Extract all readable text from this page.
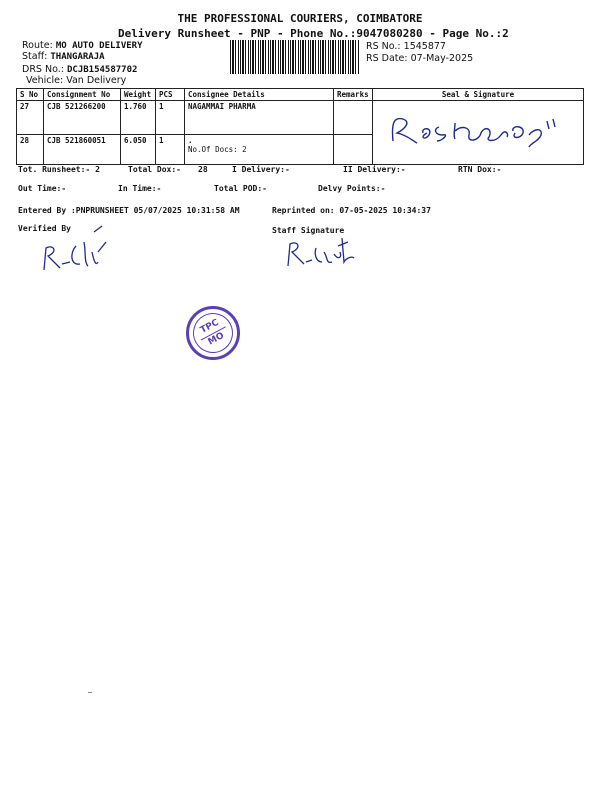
THE PROFESSIONAL COURIERS, COIMBATORE
Delivery Runsheet - PNP - Phone No.:9047080280 - Page No.:2
Route: MO AUTO DELIVERY
Staff: THANGARAJA
DRS No.: DCJB154587702
Vehicle: Van Delivery
RS No.: 1545877
RS Date: 07-May-2025
S No	Consignment No	Weight	PCS	Consignee Details	Remarks	Seal & Signature
27	CJB 521266200	1.760	1	NAGAMMAI PHARMA		

28	CJB 521860051	6.050	1	.
No.Of Docs: 2		

Tot. Runsheet:- 2	Total Dox:- 28	I Delivery:-	II Delivery:-	RTN Dox:-
Out Time:-	In Time:-	Total POD:-	Delvy Points:-
Entered By :PNPRUNSHEET 05/07/2025 10:31:58 AM	Reprinted on: 07-05-2025 10:34:37
Verified By	Staff Signature
TPC
MO
